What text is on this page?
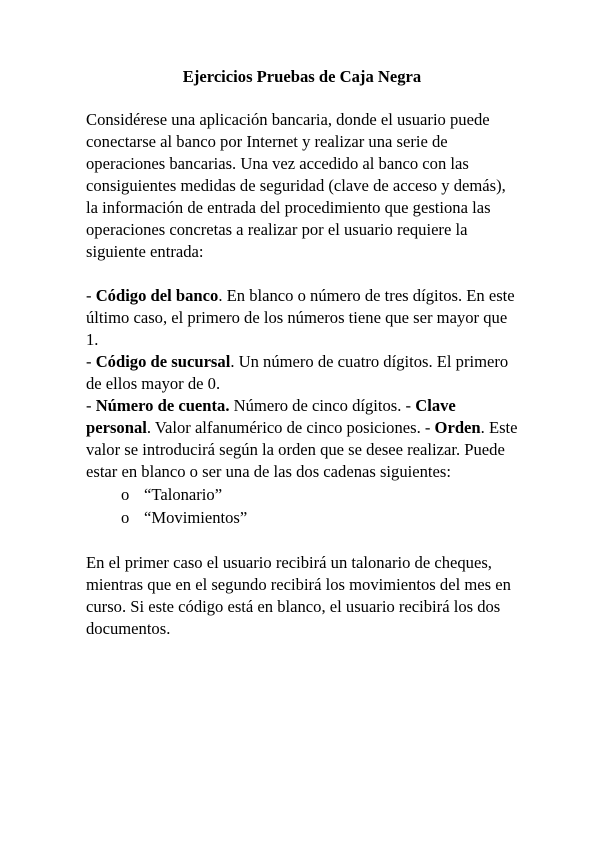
Ejercicios Pruebas de Caja Negra

Considérese una aplicación bancaria, donde el usuario puede conectarse al banco por Internet y realizar una serie de operaciones bancarias. Una vez accedido al banco con las consiguientes medidas de seguridad (clave de acceso y demás), la información de entrada del procedimiento que gestiona las operaciones concretas a realizar por el usuario requiere la siguiente entrada:

- Código del banco. En blanco o número de tres dígitos. En este último caso, el primero de los números tiene que ser mayor que 1.
- Código de sucursal. Un número de cuatro dígitos. El primero de ellos mayor de 0.
- Número de cuenta. Número de cinco dígitos. - Clave personal. Valor alfanumérico de cinco posiciones. - Orden. Este valor se introducirá según la orden que se desee realizar. Puede estar en blanco o ser una de las dos cadenas siguientes:
o “Talonario”
o “Movimientos”

En el primer caso el usuario recibirá un talonario de cheques, mientras que en el segundo recibirá los movimientos del mes en curso. Si este código está en blanco, el usuario recibirá los dos documentos.
